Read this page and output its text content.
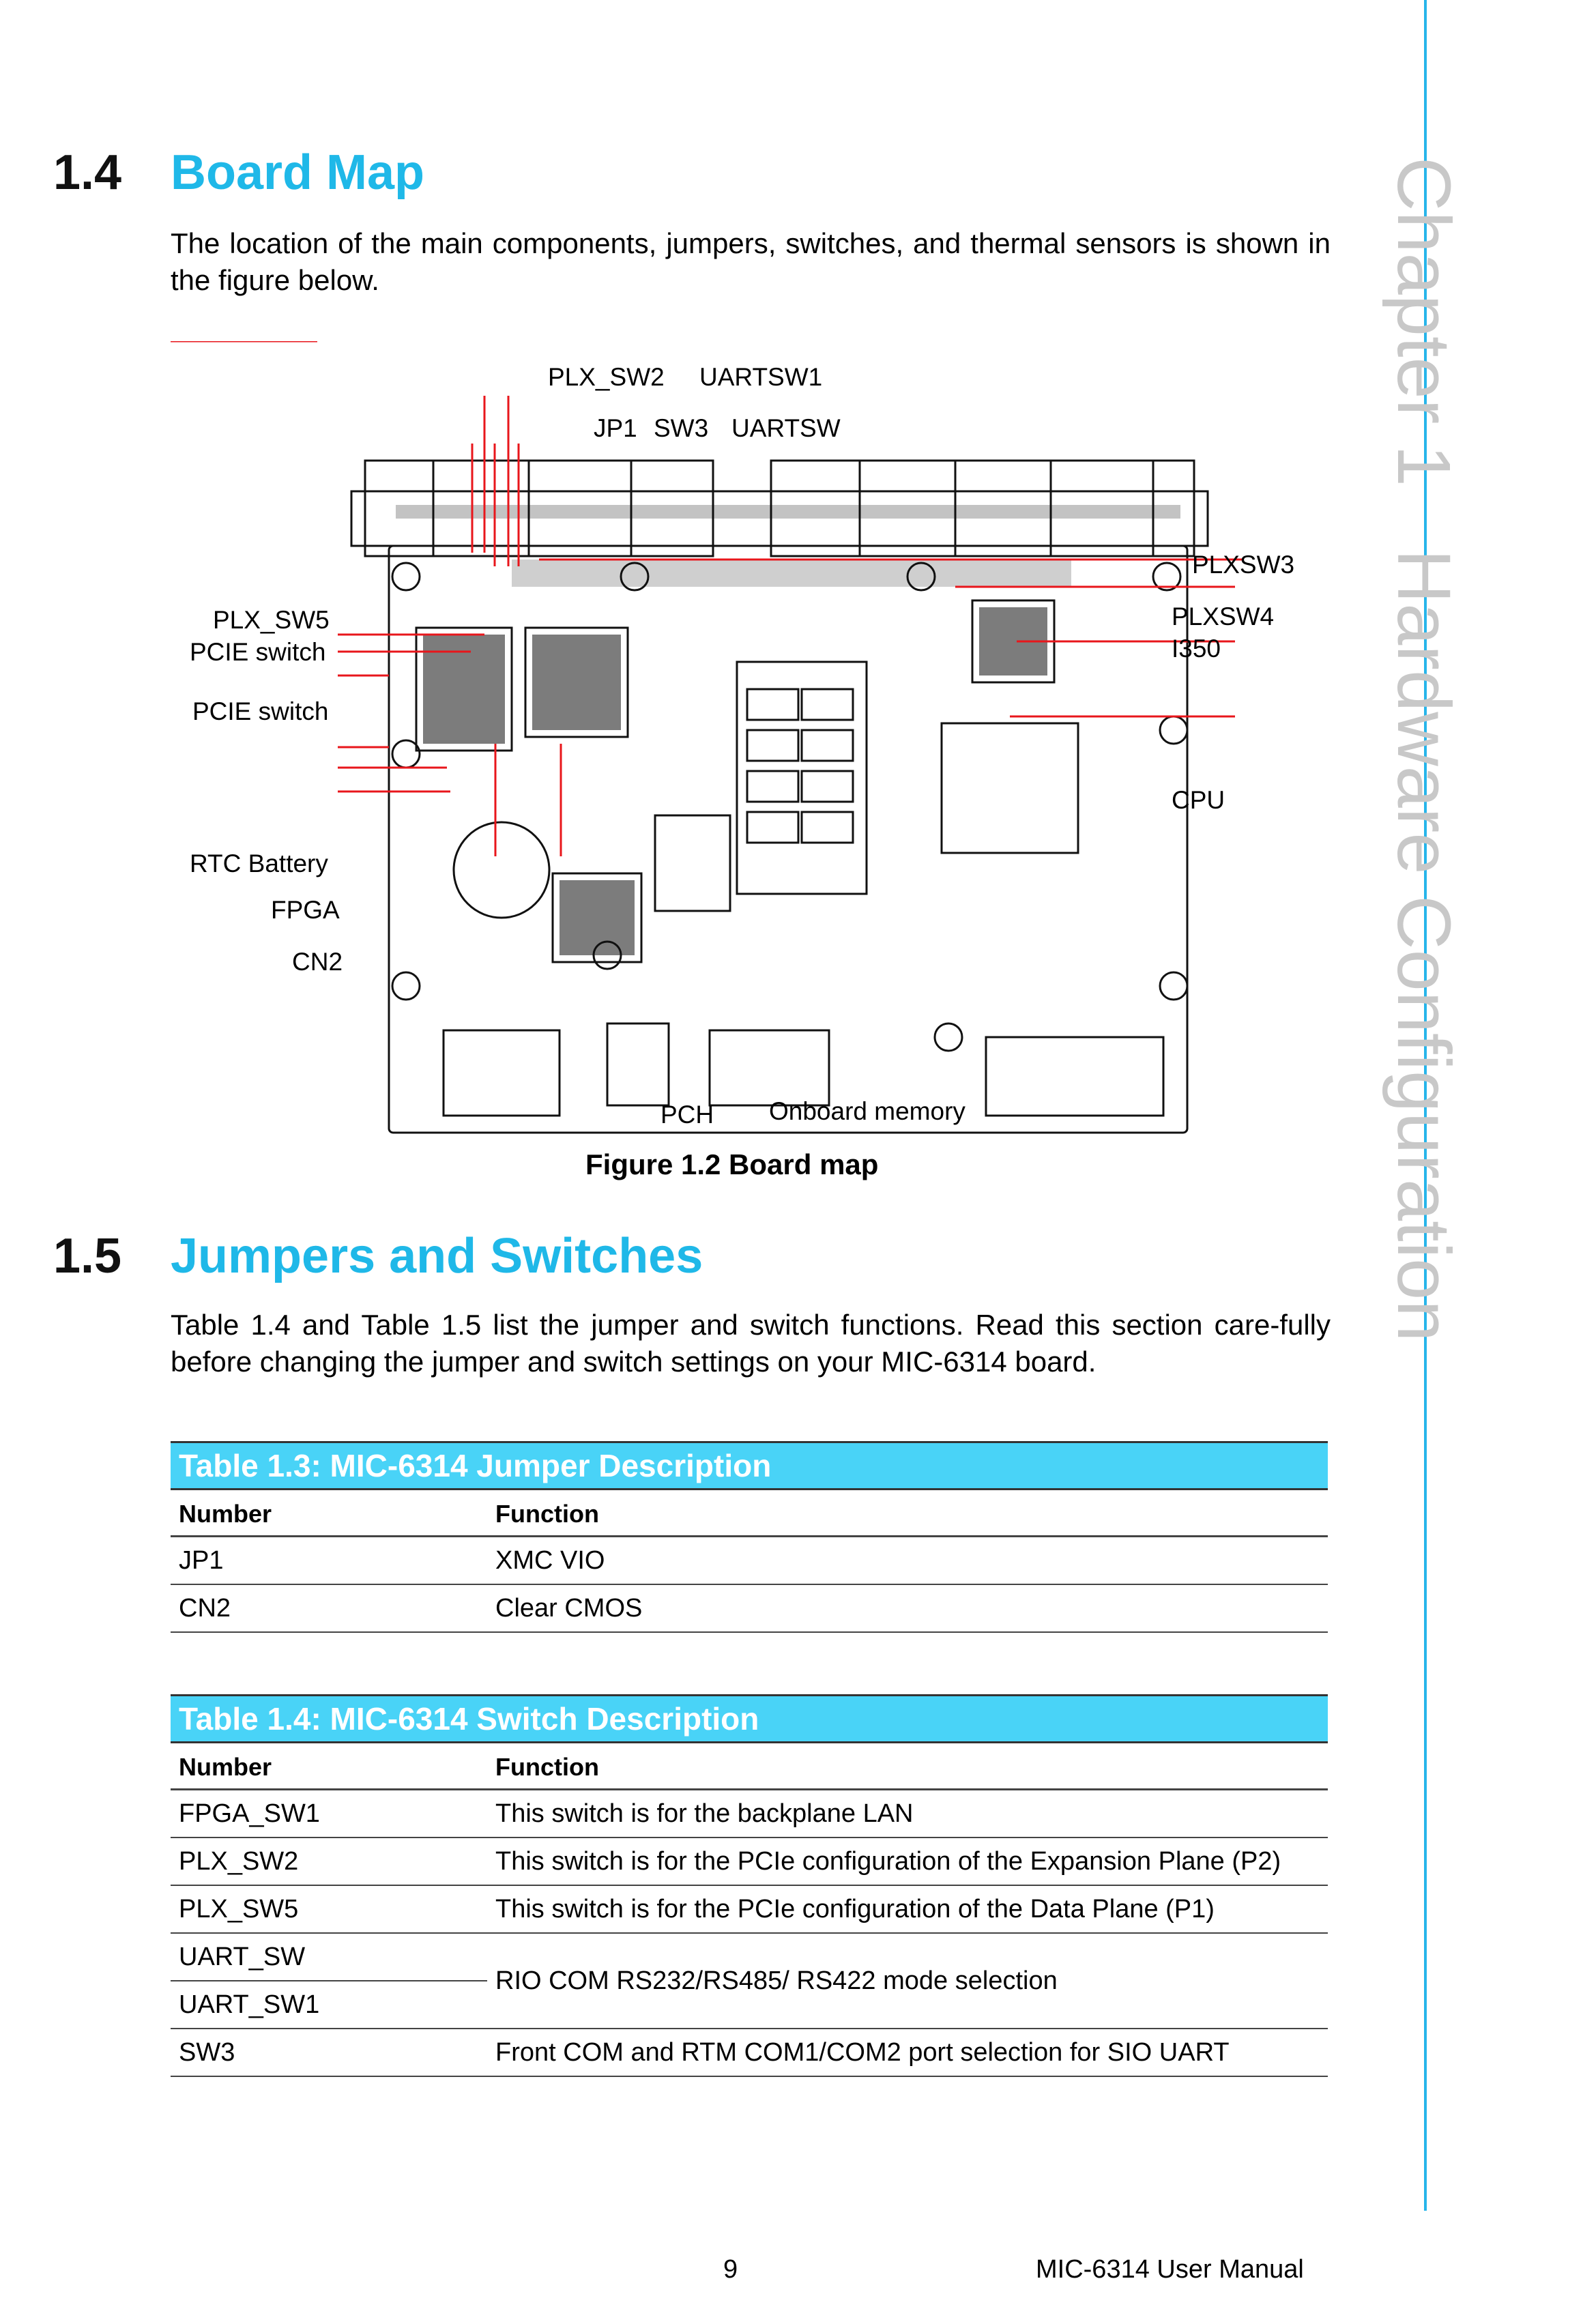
Chapter 1   Hardware Configuration
1.4 Board Map
The location of the main components, jumpers, switches, and thermal sensors is shown in the figure below.
PLX_SW2 UARTSW1
JP1 SW3 UARTSW
PLX_SW5
PCIE switch
PCIE switch
RTC Battery
FPGA
CN2
PLXSW3
PLXSW4
I350
CPU
PCH Onboard memory
Figure 1.2 Board map
1.5 Jumpers and Switches
Table 1.4 and Table 1.5 list the jumper and switch functions. Read this section care-fully before changing the jumper and switch settings on your MIC-6314 board.
Table 1.3: MIC-6314 Jumper Description	
Number	Function
JP1	XMC VIO
CN2	Clear CMOS
Table 1.4: MIC-6314 Switch Description	
Number	Function
FPGA_SW1	This switch is for the backplane LAN
PLX_SW2	This switch is for the PCIe configuration of the Expansion Plane (P2)
PLX_SW5	This switch is for the PCIe configuration of the Data Plane (P1)
UART_SW	RIO COM RS232/RS485/ RS422 mode selection
UART_SW1	
SW3	Front COM and RTM COM1/COM2 port selection for SIO UART
9	MIC-6314 User Manual
